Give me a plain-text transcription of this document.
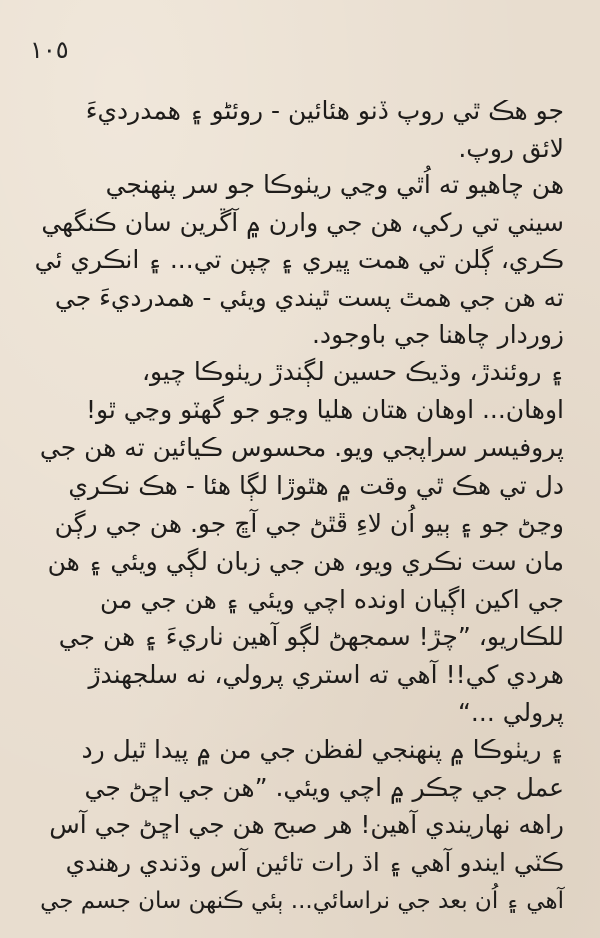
١٠٥
جو هڪ ٿي روپ ڏنو هئائين - روئڻو ۽ همدرديءَ
لائق روپ.
هن چاهيو ته اُٿي وڃي ريٺوڪا جو سر پنهنجي
سيني تي رکي، هن جي وارن ۾ آڱرين سان ڪنگهي
ڪري، ڳلن تي همت ڀيري ۽ چپن تي... ۽ انڪري ئي
ته هن جي همٿ پست ٿيندي ويئي - همدرديءَ جي
زوردار چاهنا جي باوجود.
۽ روئندڙ، وڌيڪ حسين لڳندڙ ريٺوڪا چيو،
اوهان... اوهان هتان هليا وڃو جو گهٽو وڃي ٿو!
پروفيسر سراپجي ويو. محسوس ڪيائين ته هن جي
دل تي هڪ ٿي وقت ۾ هٿوڙا لڳا هئا - هڪ نڪري
وڃڻ جو ۽ ٻيو اُن لاءِ ڦٿڻ جي آڇ جو. هن جي رڳن
مان ست نڪري ويو، هن جي زبان لڳي ويئي ۽ هن
جي اکين اڳيان اونده اچي ويئي ۽ هن جي من
للڪاريو، ”چڙ! سمجهڻ لڳو آهين ناريءَ ۽ هن جي
هردي کي!! آهي ته استري پرولي، نه سلجهندڙ
پرولي ...“
۽ ريٺوڪا ۾ پنهنجي لفظن جي من ۾ پيدا ٿيل رد
عمل جي چڪر ۾ اچي ويئي. ”هن جي اڇڻ جي
راهه نهاريندي آهين! هر صبح هن جي اڇڻ جي آس
ڪٽي ايندو آهي ۽ اڌ رات تائين آس وڌندي رهندي
آهي ۽ اُن بعد جي نراسائي... ٻئي ڪنهن سان جسم جي
